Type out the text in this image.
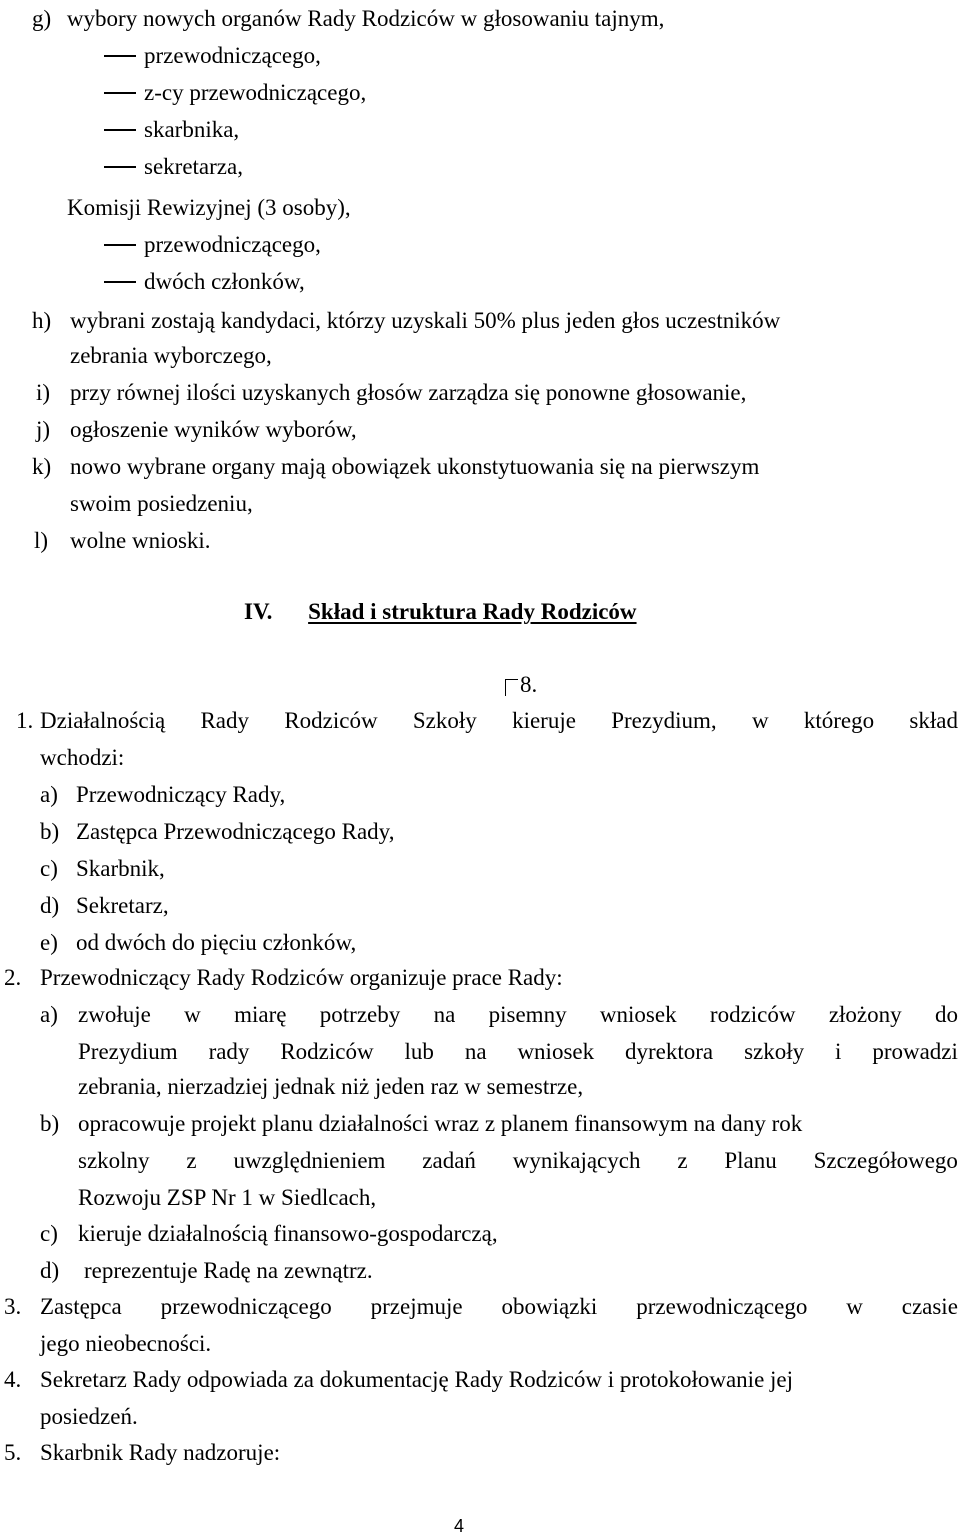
g) wybory nowych organów Rady Rodziców w głosowaniu tajnym,
przewodniczącego,
z-cy przewodniczącego,
skarbnika,
sekretarza,
Komisji Rewizyjnej (3 osoby),
przewodniczącego,
dwóch członków,
h) wybrani zostają kandydaci, którzy uzyskali 50% plus jeden głos uczestników
zebrania wyborczego,
i) przy równej ilości uzyskanych głosów zarządza się ponowne głosowanie,
j) ogłoszenie wyników wyborów,
k) nowo wybrane organy mają obowiązek ukonstytuowania się na pierwszym
swoim posiedzeniu,
l) wolne wnioski.
IV. Skład i struktura Rady Rodziców
8.
1. Działalnością Rady Rodziców Szkoły kieruje Prezydium, w którego skład
wchodzi:
a) Przewodniczący Rady,
b) Zastępca Przewodniczącego Rady,
c) Skarbnik,
d) Sekretarz,
e) od dwóch do pięciu członków,
2. Przewodniczący Rady Rodziców organizuje prace Rady:
a) zwołuje w miarę potrzeby na pisemny wniosek rodziców złożony do
Prezydium rady Rodziców lub na wniosek dyrektora szkoły i prowadzi
zebrania, nierzadziej jednak niż jeden raz w semestrze,
b) opracowuje projekt planu działalności wraz z planem finansowym na dany rok
szkolny z uwzględnieniem zadań wynikających z Planu Szczegółowego
Rozwoju ZSP Nr 1 w Siedlcach,
c) kieruje działalnością finansowo-gospodarczą,
d) reprezentuje Radę na zewnątrz.
3. Zastępca przewodniczącego przejmuje obowiązki przewodniczącego w czasie
jego nieobecności.
4. Sekretarz Rady odpowiada za dokumentację Rady Rodziców i protokołowanie jej
posiedzeń.
5. Skarbnik Rady nadzoruje:
4
